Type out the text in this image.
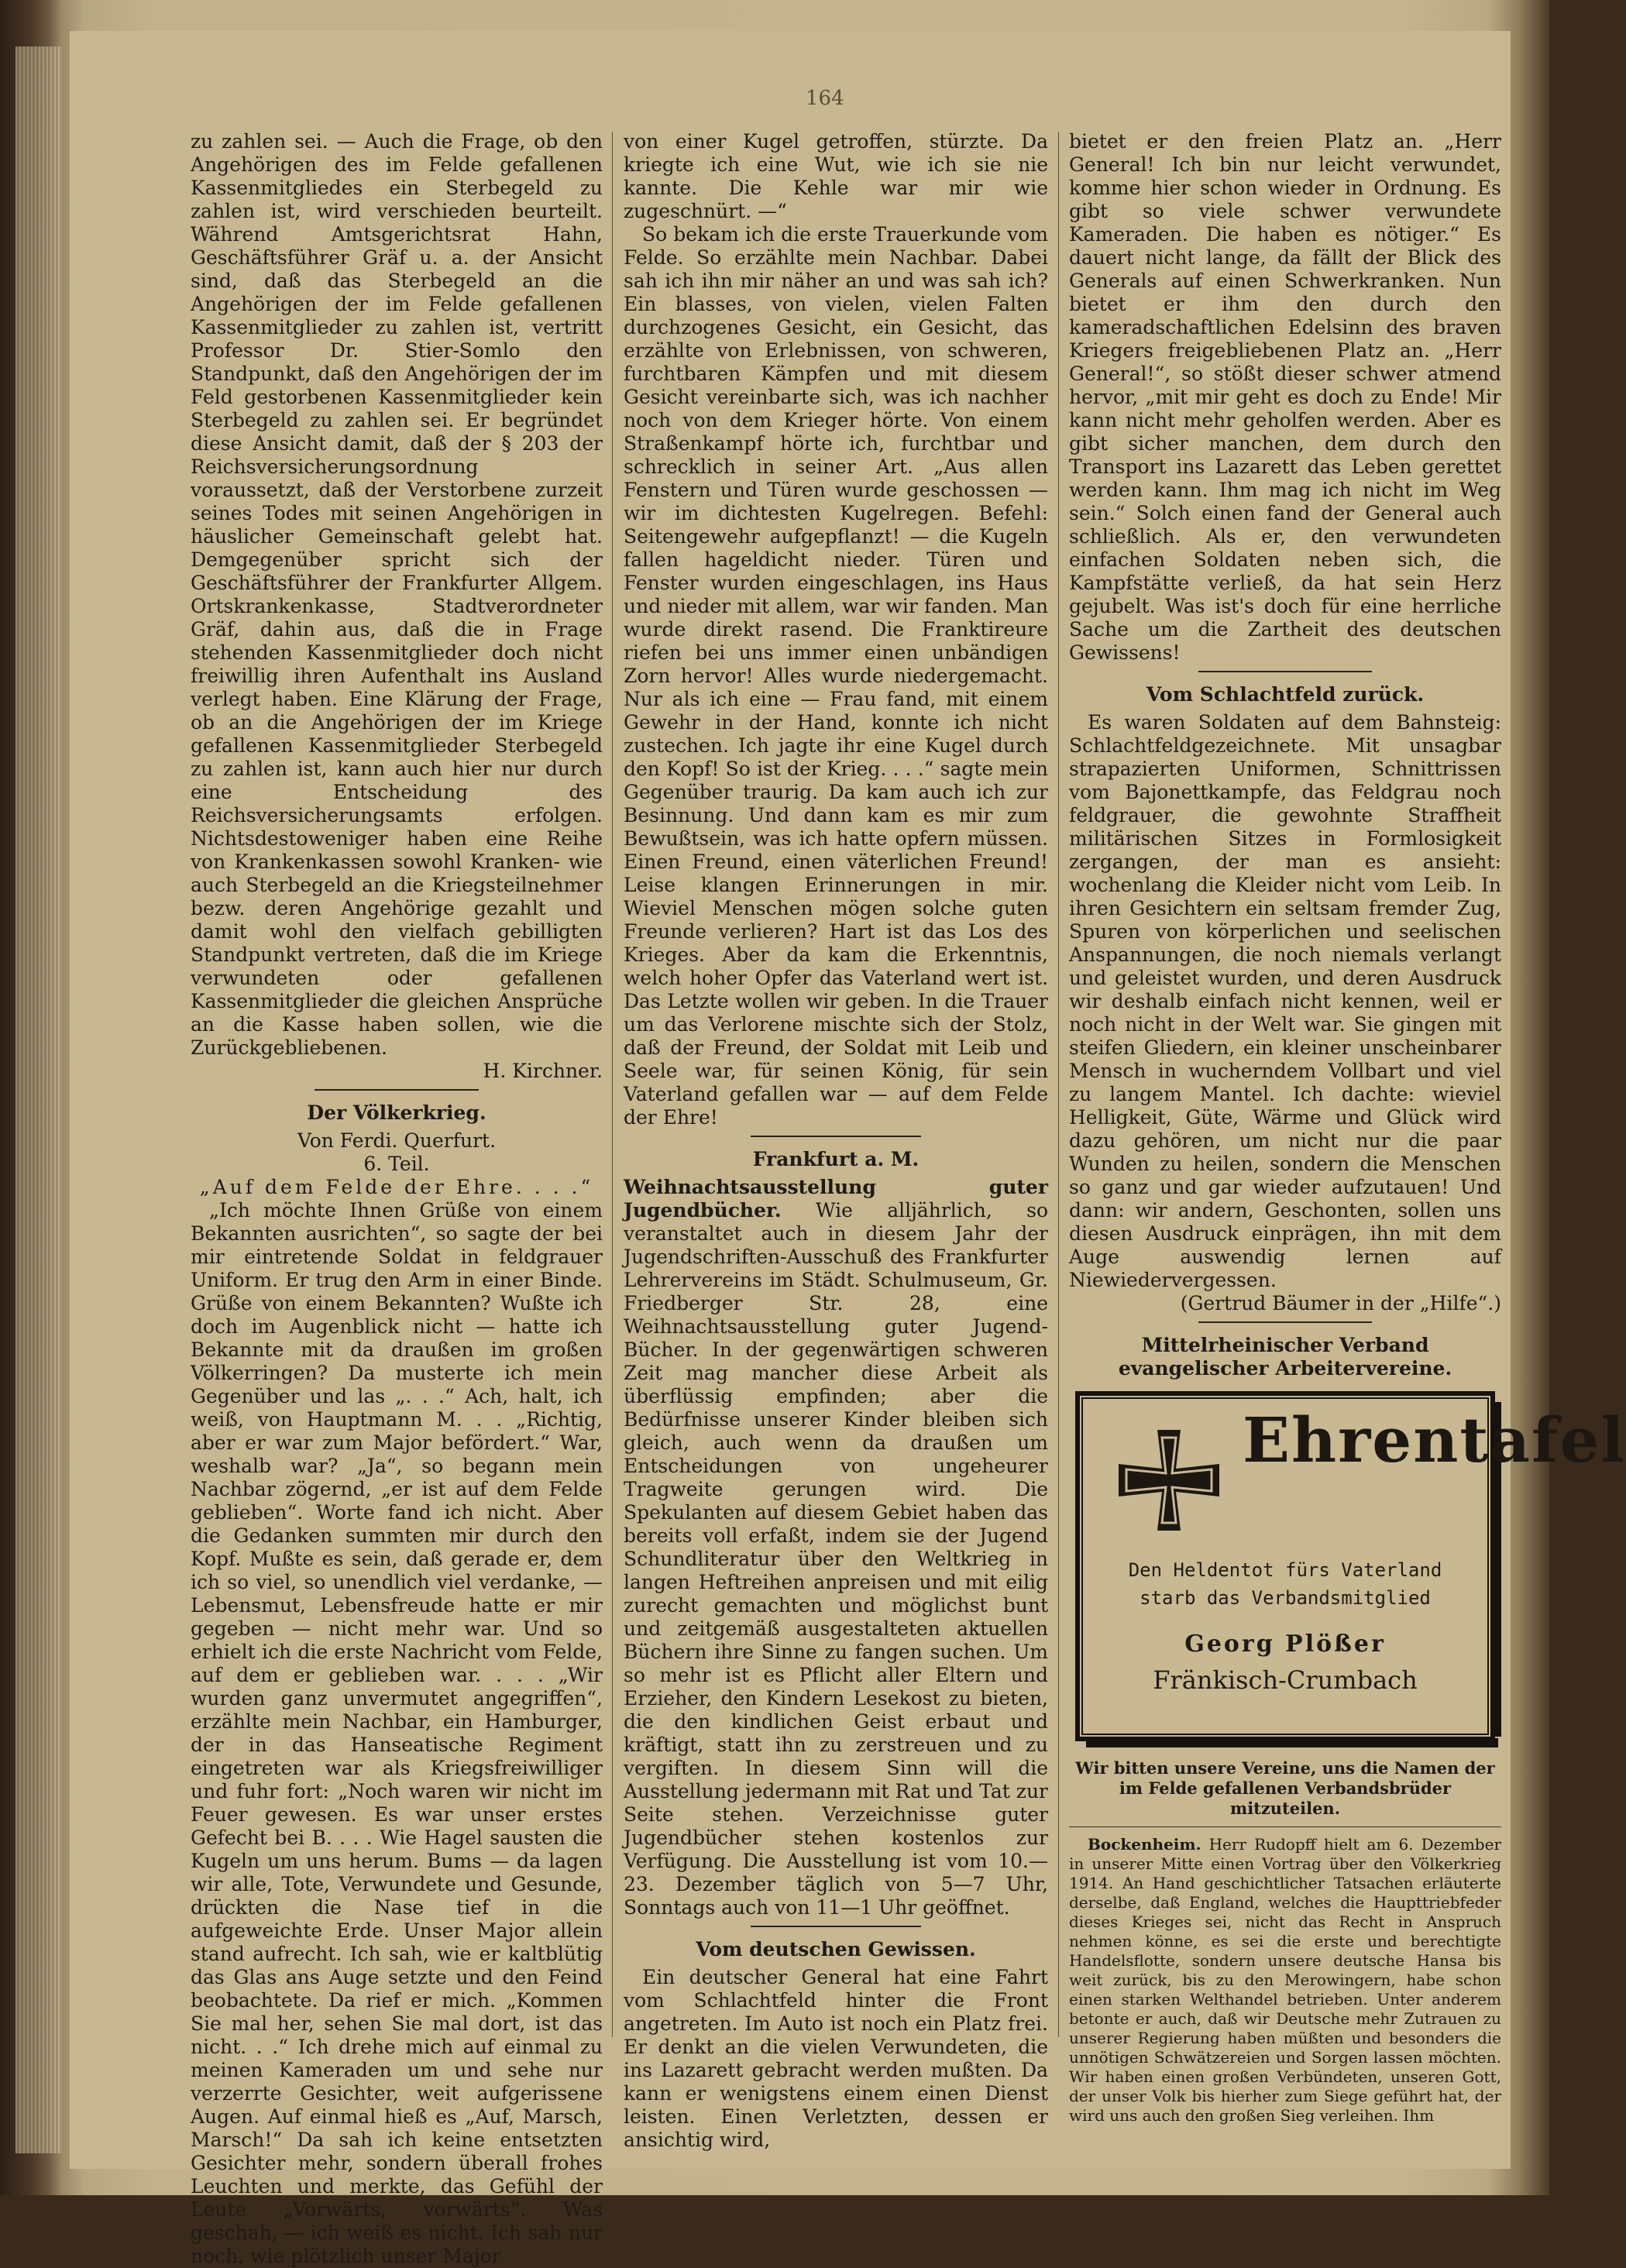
164

zu zahlen sei. — Auch die Frage, ob den Angehörigen des im Felde gefallenen Kassenmitgliedes ein Sterbegeld zu zahlen ist, wird verschieden beurteilt. Während Amtsgerichtsrat Hahn, Geschäftsführer Gräf u. a. der Ansicht sind, daß das Sterbegeld an die Angehörigen der im Felde gefallenen Kassenmitglieder zu zahlen ist, vertritt Professor Dr. Stier-Somlo den Standpunkt, daß den Angehörigen der im Feld gestorbenen Kassenmitglieder kein Sterbegeld zu zahlen sei. Er begründet diese Ansicht damit, daß der § 203 der Reichsversicherungsordnung voraussetzt, daß der Verstorbene zurzeit seines Todes mit seinen Angehörigen in häuslicher Gemeinschaft gelebt hat. Demgegenüber spricht sich der Geschäftsführer der Frankfurter Allgem. Ortskrankenkasse, Stadtverordneter Gräf, dahin aus, daß die in Frage stehenden Kassenmitglieder doch nicht freiwillig ihren Aufenthalt ins Ausland verlegt haben. Eine Klärung der Frage, ob an die Angehörigen der im Kriege gefallenen Kassenmitglieder Sterbegeld zu zahlen ist, kann auch hier nur durch eine Entscheidung des Reichsversicherungsamts erfolgen. Nichtsdestoweniger haben eine Reihe von Krankenkassen sowohl Kranken- wie auch Sterbegeld an die Kriegsteilnehmer bezw. deren Angehörige gezahlt und damit wohl den vielfach gebilligten Standpunkt vertreten, daß die im Kriege verwundeten oder gefallenen Kassenmitglieder die gleichen Ansprüche an die Kasse haben sollen, wie die Zurückgebliebenen.

H. Kirchner.
Der Völkerkrieg.
Von Ferdi. Querfurt.
6. Teil.
„Auf dem Felde der Ehre. . . .“

„Ich möchte Ihnen Grüße von einem Bekannten ausrichten“, so sagte der bei mir eintretende Soldat in feldgrauer Uniform. Er trug den Arm in einer Binde. Grüße von einem Bekannten? Wußte ich doch im Augenblick nicht — hatte ich Bekannte mit da draußen im großen Völkerringen? Da musterte ich mein Gegenüber und las „. . .“ Ach, halt, ich weiß, von Hauptmann M. . . „Richtig, aber er war zum Major befördert.“ War, weshalb war? „Ja“, so begann mein Nachbar zögernd, „er ist auf dem Felde geblieben“. Worte fand ich nicht. Aber die Gedanken summten mir durch den Kopf. Mußte es sein, daß gerade er, dem ich so viel, so unendlich viel verdanke, — Lebensmut, Lebensfreude hatte er mir gegeben — nicht mehr war. Und so erhielt ich die erste Nachricht vom Felde, auf dem er geblieben war. . . . „Wir wurden ganz unvermutet angegriffen“, erzählte mein Nachbar, ein Hamburger, der in das Hanseatische Regiment eingetreten war als Kriegsfreiwilliger und fuhr fort: „Noch waren wir nicht im Feuer gewesen. Es war unser erstes Gefecht bei B. . . . Wie Hagel sausten die Kugeln um uns herum. Bums — da lagen wir alle, Tote, Verwundete und Gesunde, drückten die Nase tief in die aufgeweichte Erde. Unser Major allein stand aufrecht. Ich sah, wie er kaltblütig das Glas ans Auge setzte und den Feind beobachtete. Da rief er mich. „Kommen Sie mal her, sehen Sie mal dort, ist das nicht. . .“ Ich drehe mich auf einmal zu meinen Kameraden um und sehe nur verzerrte Gesichter, weit aufgerissene Augen. Auf einmal hieß es „Auf, Marsch, Marsch!“ Da sah ich keine entsetzten Gesichter mehr, sondern überall frohes Leuchten und merkte, das Gefühl der Leute „Vorwärts, vorwärts“. Was geschah, — ich weiß es nicht. Ich sah nur noch, wie plötzlich unser Major

von einer Kugel getroffen, stürzte. Da kriegte ich eine Wut, wie ich sie nie kannte. Die Kehle war mir wie zugeschnürt. —“

So bekam ich die erste Trauerkunde vom Felde. So erzählte mein Nachbar. Dabei sah ich ihn mir näher an und was sah ich? Ein blasses, von vielen, vielen Falten durchzogenes Gesicht, ein Gesicht, das erzählte von Erlebnissen, von schweren, furchtbaren Kämpfen und mit diesem Gesicht vereinbarte sich, was ich nachher noch von dem Krieger hörte. Von einem Straßenkampf hörte ich, furchtbar und schrecklich in seiner Art. „Aus allen Fenstern und Türen wurde geschossen — wir im dichtesten Kugelregen. Befehl: Seitengewehr aufgepflanzt! — die Kugeln fallen hageldicht nieder. Türen und Fenster wurden eingeschlagen, ins Haus und nieder mit allem, war wir fanden. Man wurde direkt rasend. Die Franktireure riefen bei uns immer einen unbändigen Zorn hervor! Alles wurde niedergemacht. Nur als ich eine — Frau fand, mit einem Gewehr in der Hand, konnte ich nicht zustechen. Ich jagte ihr eine Kugel durch den Kopf! So ist der Krieg. . . .“ sagte mein Gegenüber traurig. Da kam auch ich zur Besinnung. Und dann kam es mir zum Bewußtsein, was ich hatte opfern müssen. Einen Freund, einen väterlichen Freund! Leise klangen Erinnerungen in mir. Wieviel Menschen mögen solche guten Freunde verlieren? Hart ist das Los des Krieges. Aber da kam die Erkenntnis, welch hoher Opfer das Vaterland wert ist. Das Letzte wollen wir geben. In die Trauer um das Verlorene mischte sich der Stolz, daß der Freund, der Soldat mit Leib und Seele war, für seinen König, für sein Vaterland gefallen war — auf dem Felde der Ehre!

Frankfurt a. M.

Weihnachtsausstellung guter Jugendbücher. Wie alljährlich, so veranstaltet auch in diesem Jahr der Jugendschriften-Ausschuß des Frankfurter Lehrervereins im Städt. Schulmuseum, Gr. Friedberger Str. 28, eine Weihnachtsausstellung guter Jugend-Bücher. In der gegenwärtigen schweren Zeit mag mancher diese Arbeit als überflüssig empfinden; aber die Bedürfnisse unserer Kinder bleiben sich gleich, auch wenn da draußen um Entscheidungen von ungeheurer Tragweite gerungen wird. Die Spekulanten auf diesem Gebiet haben das bereits voll erfaßt, indem sie der Jugend Schundliteratur über den Weltkrieg in langen Heftreihen anpreisen und mit eilig zurecht gemachten und möglichst bunt und zeitgemäß ausgestalteten aktuellen Büchern ihre Sinne zu fangen suchen. Um so mehr ist es Pflicht aller Eltern und Erzieher, den Kindern Lesekost zu bieten, die den kindlichen Geist erbaut und kräftigt, statt ihn zu zerstreuen und zu vergiften. In diesem Sinn will die Ausstellung jedermann mit Rat und Tat zur Seite stehen. Verzeichnisse guter Jugendbücher stehen kostenlos zur Verfügung. Die Ausstellung ist vom 10.—23. Dezember täglich von 5—7 Uhr, Sonntags auch von 11—1 Uhr geöffnet.

Vom deutschen Gewissen.

Ein deutscher General hat eine Fahrt vom Schlachtfeld hinter die Front angetreten. Im Auto ist noch ein Platz frei. Er denkt an die vielen Verwundeten, die ins Lazarett gebracht werden mußten. Da kann er wenigstens einem einen Dienst leisten. Einen Verletzten, dessen er ansichtig wird,

bietet er den freien Platz an. „Herr General! Ich bin nur leicht verwundet, komme hier schon wieder in Ordnung. Es gibt so viele schwer verwundete Kameraden. Die haben es nötiger.“ Es dauert nicht lange, da fällt der Blick des Generals auf einen Schwerkranken. Nun bietet er ihm den durch den kameradschaftlichen Edelsinn des braven Kriegers freigebliebenen Platz an. „Herr General!“, so stößt dieser schwer atmend hervor, „mit mir geht es doch zu Ende! Mir kann nicht mehr geholfen werden. Aber es gibt sicher manchen, dem durch den Transport ins Lazarett das Leben gerettet werden kann. Ihm mag ich nicht im Weg sein.“ Solch einen fand der General auch schließlich. Als er, den verwundeten einfachen Soldaten neben sich, die Kampfstätte verließ, da hat sein Herz gejubelt. Was ist's doch für eine herrliche Sache um die Zartheit des deutschen Gewissens!

Vom Schlachtfeld zurück.

Es waren Soldaten auf dem Bahnsteig: Schlachtfeldgezeichnete. Mit unsagbar strapazierten Uniformen, Schnittrissen vom Bajonettkampfe, das Feldgrau noch feldgrauer, die gewohnte Straffheit militärischen Sitzes in Formlosigkeit zergangen, der man es ansieht: wochenlang die Kleider nicht vom Leib. In ihren Gesichtern ein seltsam fremder Zug, Spuren von körperlichen und seelischen Anspannungen, die noch niemals verlangt und geleistet wurden, und deren Ausdruck wir deshalb einfach nicht kennen, weil er noch nicht in der Welt war. Sie gingen mit steifen Gliedern, ein kleiner unscheinbarer Mensch in wucherndem Vollbart und viel zu langem Mantel. Ich dachte: wieviel Helligkeit, Güte, Wärme und Glück wird dazu gehören, um nicht nur die paar Wunden zu heilen, sondern die Menschen so ganz und gar wieder aufzutauen! Und dann: wir andern, Geschonten, sollen uns diesen Ausdruck einprägen, ihn mit dem Auge auswendig lernen auf Niewiedervergessen.

(Gertrud Bäumer in der „Hilfe“.)
Mittelrheinischer Verband evangelischer Arbeitervereine.
Ehrentafel
Den Heldentot fürs Vaterland
starb das Verbandsmitglied
Georg Plößer
Fränkisch-Crumbach
Wir bitten unsere Vereine, uns die Namen der im Felde gefallenen Verbandsbrüder mitzuteilen.

Bockenheim. Herr Rudopff hielt am 6. Dezember in unserer Mitte einen Vortrag über den Völkerkrieg 1914. An Hand geschichtlicher Tatsachen erläuterte derselbe, daß England, welches die Haupttriebfeder dieses Krieges sei, nicht das Recht in Anspruch nehmen könne, es sei die erste und berechtigte Handelsflotte, sondern unsere deutsche Hansa bis weit zurück, bis zu den Merowingern, habe schon einen starken Welthandel betrieben. Unter anderem betonte er auch, daß wir Deutsche mehr Zutrauen zu unserer Regierung haben müßten und besonders die unnötigen Schwätzereien und Sorgen lassen möchten. Wir haben einen großen Verbündeten, unseren Gott, der unser Volk bis hierher zum Siege geführt hat, der wird uns auch den großen Sieg verleihen. Ihm
